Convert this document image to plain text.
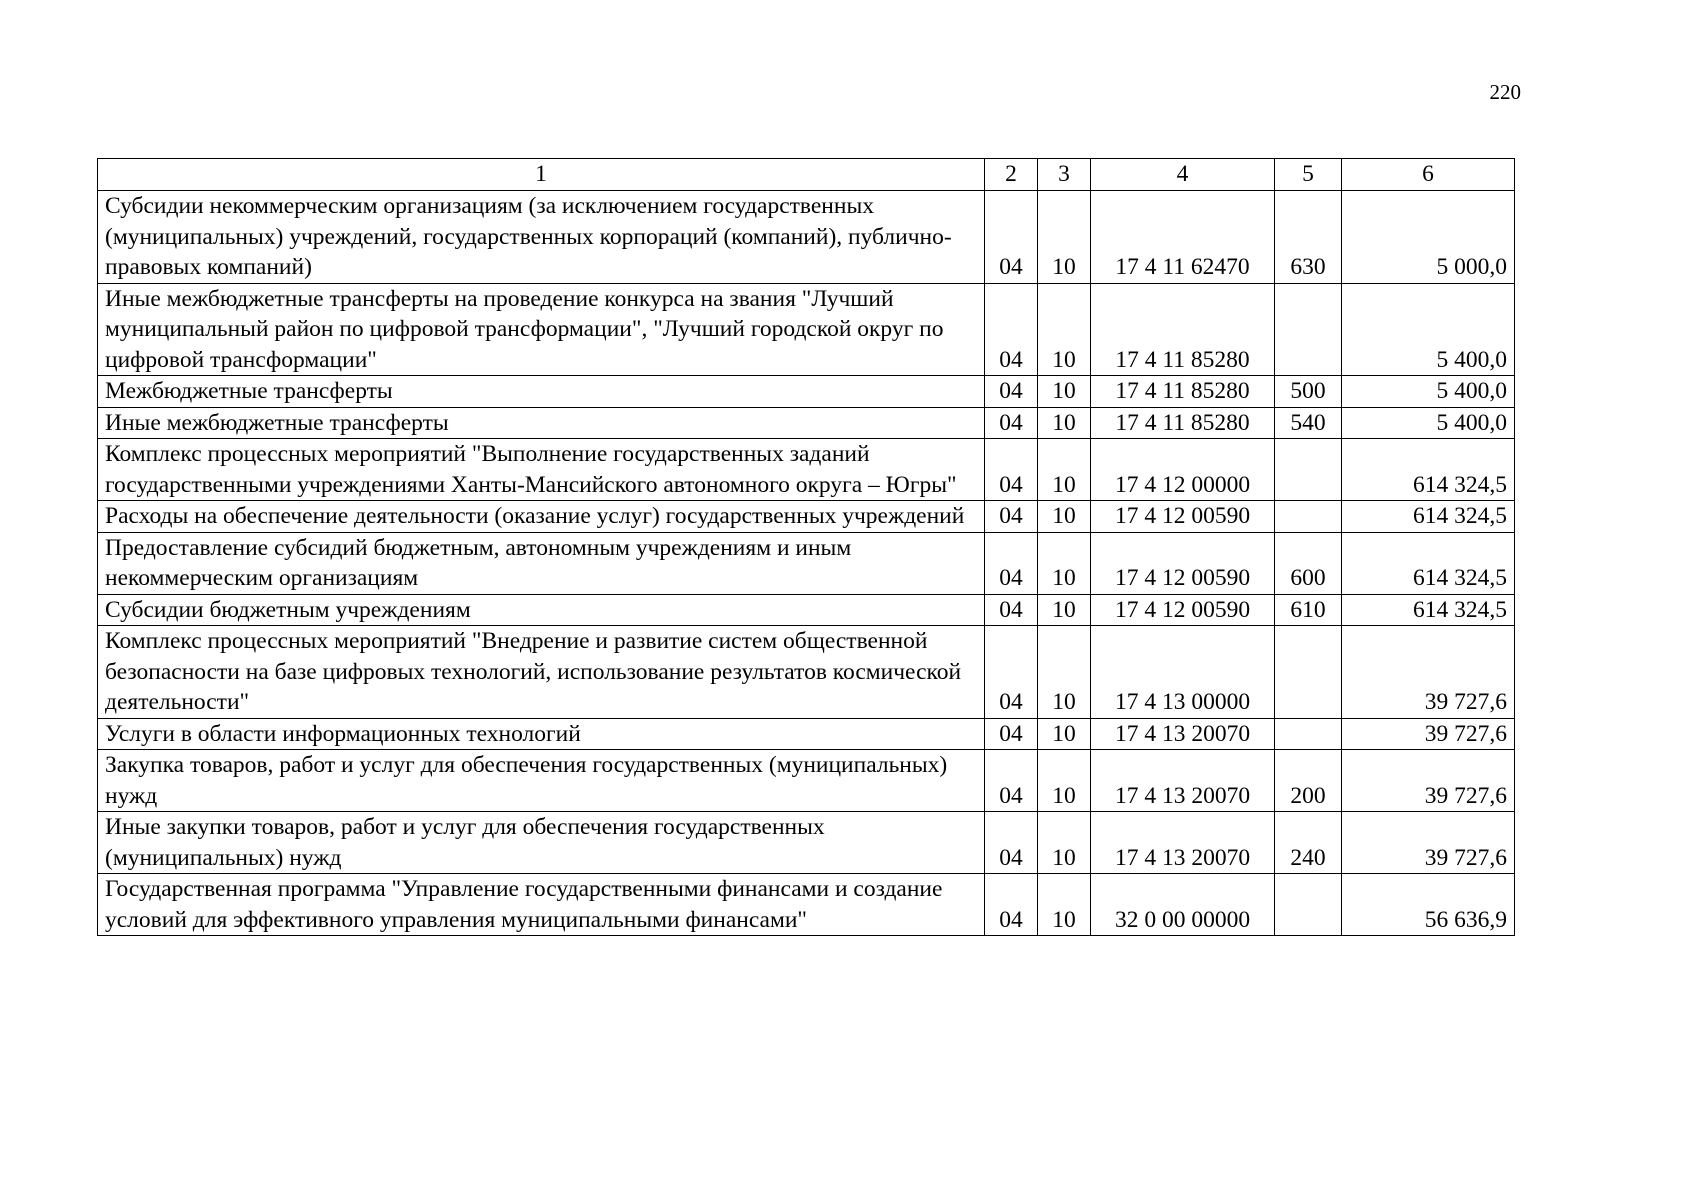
220
1	2	3	4	5	6
Субсидии некоммерческим организациям (за исключением государственных (муниципальных) учреждений, государственных корпораций (компаний), публично-правовых компаний)	04	10	17 4 11 62470	630	5 000,0
Иные межбюджетные трансферты на проведение конкурса на звания "Лучший муниципальный район по цифровой трансформации", "Лучший городской округ по цифровой трансформации"	04	10	17 4 11 85280		5 400,0
Межбюджетные трансферты	04	10	17 4 11 85280	500	5 400,0
Иные межбюджетные трансферты	04	10	17 4 11 85280	540	5 400,0
Комплекс процессных мероприятий "Выполнение государственных заданий государственными учреждениями Ханты-Мансийского автономного округа – Югры"	04	10	17 4 12 00000		614 324,5
Расходы на обеспечение деятельности (оказание услуг) государственных учреждений	04	10	17 4 12 00590		614 324,5
Предоставление субсидий бюджетным, автономным учреждениям и иным некоммерческим организациям	04	10	17 4 12 00590	600	614 324,5
Субсидии бюджетным учреждениям	04	10	17 4 12 00590	610	614 324,5
Комплекс процессных мероприятий "Внедрение и развитие систем общественной безопасности на базе цифровых технологий, использование результатов космической деятельности"	04	10	17 4 13 00000		39 727,6
Услуги в области информационных технологий	04	10	17 4 13 20070		39 727,6
Закупка товаров, работ и услуг для обеспечения государственных (муниципальных) нужд	04	10	17 4 13 20070	200	39 727,6
Иные закупки товаров, работ и услуг для обеспечения государственных (муниципальных) нужд	04	10	17 4 13 20070	240	39 727,6
Государственная программа "Управление государственными финансами и создание условий для эффективного управления муниципальными финансами"	04	10	32 0 00 00000		56 636,9
